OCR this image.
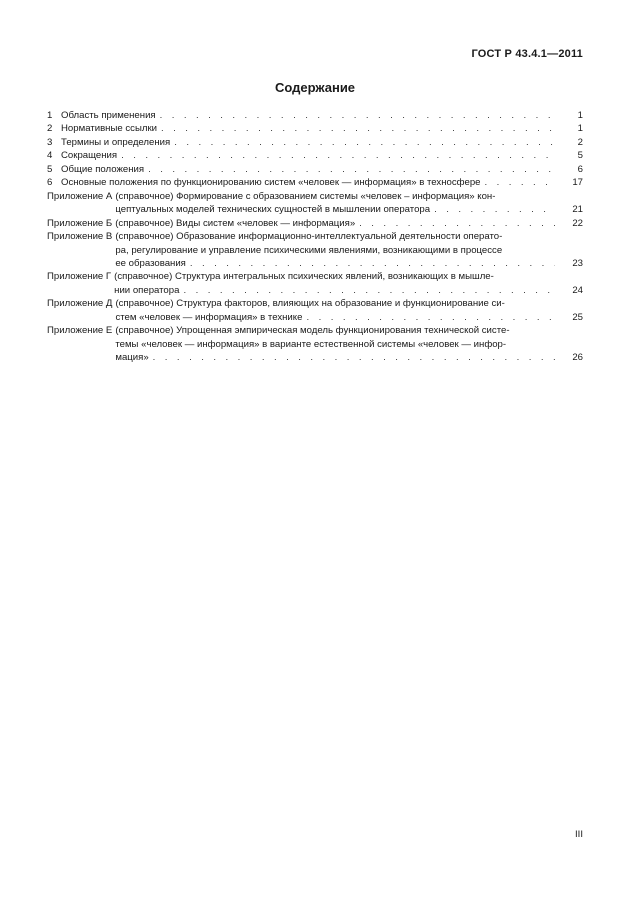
ГОСТ Р 43.4.1—2011
Содержание
1 Область применения . . .	1
2 Нормативные ссылки . . .	1
3 Термины и определения . . .	2
4 Сокращения . . .	5
5 Общие положения . . .	6
6 Основные положения по функционированию систем «человек — информация» в техносфере . . .	17
Приложение А (справочное) Формирование с образованием системы «человек – информация» кон-
цептуальных моделей технических сущностей в мышлении оператора . . .	21
Приложение Б (справочное) Виды систем «человек — информация» . . .	22
Приложение В (справочное) Образование информационно-интеллектуальной деятельности операто-
ра, регулирование и управление психическими явлениями, возникающими в процессе
ее образования . . .	23
Приложение Г (справочное) Структура интегральных психических явлений, возникающих в мышле-
нии оператора . . .	24
Приложение Д (справочное) Структура факторов, влияющих на образование и функционирование си-
стем «человек — информация» в технике . . .	25
Приложение Е (справочное) Упрощенная эмпирическая модель функционирования технической систе-
темы «человек — информация» в варианте естественной системы «человек — инфор-
мация» . . .	26
III
